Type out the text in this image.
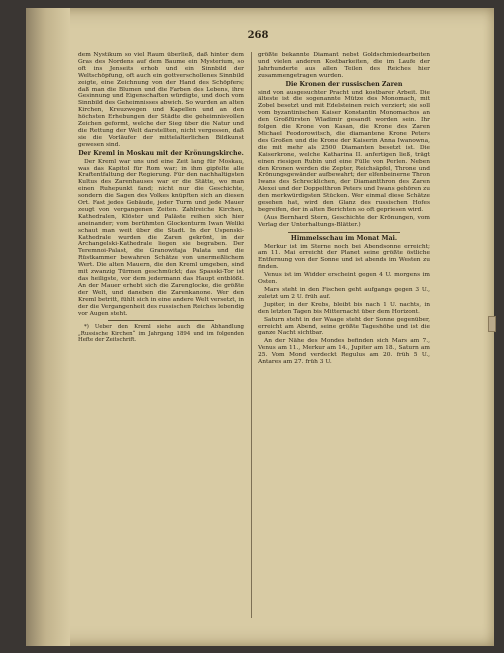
268

dem Nystikum so viel Raum überließ, daß hinter dem Gras des Nordens auf dem Baume ein Mysterium, so oft ins Jenseits erhob und ein Sinnbild der Weltschöpfung, oft auch ein gottverschollenes Sinnbild zeigte, eine Zeichnung von der Hand des Schöpfers; daß man die Blumen und die Farben des Lebens, ihre Gesinnung und Eigenschaften würdigte, und doch vom Sinnbild des Geheimnisses abwich. So wurden an alten Kirchen, Kreuzwegen und Kapellen und an den höchsten Erhebungen der Städte die geheimnisvollen Zeichen geformt, welche der Sieg über die Natur und die Rettung der Welt darstellten, nicht vergessen, daß sie die Vorläufer der mittelalterlichen Bildkunst gewesen sind.

Der Kreml in Moskau mit der Krönungskirche.

Der Kreml war uns und eine Zeit lang für Moskau, was das Kapitol für Rom war; in ihm gipfelte alle Kraftentfaltung der Regierung. Für den nachhaltigsten Kultus des Zarenhauses war er die Stätte, wo man einen Ruhepunkt fand; nicht nur die Geschichte, sondern die Sagen des Volkes knüpften sich an diesen Ort. Fast jedes Gebäude, jeder Turm und jede Mauer zeugt von vergangenen Zeiten. Zahlreiche Kirchen, Kathedralen, Klöster und Paläste reihen sich hier aneinander; vom berühmten Glockenturm Iwan Weliki schaut man weit über die Stadt. In der Uspenski-Kathedrale wurden die Zaren gekrönt, in der Archangelski-Kathedrale liegen sie begraben. Der Teremnoi-Palast, die Granowitaja Palata und die Rüstkammer bewahren Schätze von unermeßlichem Wert. Die alten Mauern, die den Kreml umgeben, sind mit zwanzig Türmen geschmückt; das Spasski-Tor ist das heiligste, vor dem jedermann das Haupt entblößt. An der Mauer erhebt sich die Zarenglocke, die größte der Welt, und daneben die Zarenkanone. Wer den Kreml betritt, fühlt sich in eine andere Welt versetzt, in der die Vergangenheit des russischen Reiches lebendig vor Augen steht.

*) Ueber den Kreml siehe auch die Abhandlung „Russische Kirchen“ im Jahrgang 1894 und im folgenden Hefte der Zeitschrift.

größte bekannte Diamant nebst Goldschmiedearbeiten und vielen anderen Kostbarkeiten, die im Laufe der Jahrhunderte aus allen Teilen des Reiches hier zusammengetragen wurden.

Die Kronen der russischen Zaren

sind von ausgesuchter Pracht und kostbarer Arbeit. Die älteste ist die sogenannte Mütze des Monomach, mit Zobel besetzt und mit Edelsteinen reich verziert; sie soll vom byzantinischen Kaiser Konstantin Monomachos an den Großfürsten Wladimir gesandt worden sein. Ihr folgen die Krone von Kasan, die Krone des Zaren Michael Feodorowitsch, die diamantene Krone Peters des Großen und die Krone der Kaiserin Anna Iwanowna, die mit mehr als 2500 Diamanten besetzt ist. Die Kaiserkrone, welche Katharina II. anfertigen ließ, trägt einen riesigen Rubin und eine Fülle von Perlen. Neben den Kronen werden die Zepter, Reichsäpfel, Throne und Krönungsgewänder aufbewahrt; der elfenbeinerne Thron Iwans des Schrecklichen, der Diamantthron des Zaren Alexei und der Doppelthron Peters und Iwans gehören zu den merkwürdigsten Stücken. Wer einmal diese Schätze gesehen hat, wird den Glanz des russischen Hofes begreifen, der in alten Berichten so oft gepriesen wird.

(Aus Bernhard Stern, Geschichte der Krönungen, vom Verlag der Unterhaltungs-Blätter.)

Himmelsschau im Monat Mai.

Merkur ist im Sterne noch bei Abendsonne erreicht; am 11. Mai erreicht der Planet seine größte östliche Entfernung von der Sonne und ist abends im Westen zu finden.

Venus ist im Widder erscheint gegen 4 U. morgens im Osten.

Mars steht in den Fischen geht aufgangs gegen 3 U., zuletzt um 2 U. früh auf.

Jupiter, in der Krebs, bleibt bis nach 1 U. nachts, in den letzten Tagen bis Mitternacht über dem Horizont.

Saturn steht in der Waage steht der Sonne gegenüber, erreicht am Abend, seine größte Tageshöhe und ist die ganze Nacht sichtbar.

An der Nähe des Mondes befinden sich Mars am 7., Venus am 11., Merkur am 14., Jupiter am 18., Saturn am 25. Vom Mond verdeckt Regulus am 20. früh 5 U., Antares am 27. früh 3 U.
